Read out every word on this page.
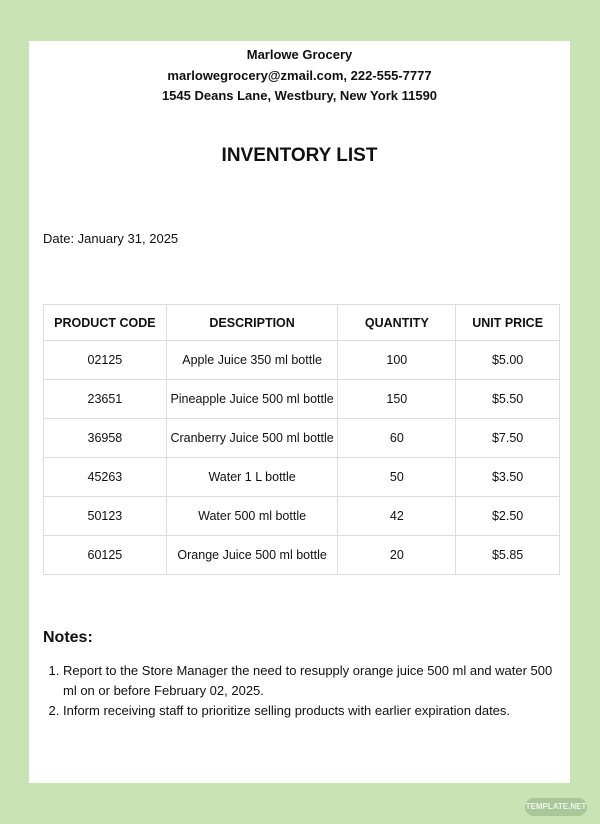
Marlowe Grocery
marlowegrocery@zmail.com, 222-555-7777
1545 Deans Lane, Westbury, New York 11590
INVENTORY LIST
Date: January 31, 2025
PRODUCT CODE	DESCRIPTION	QUANTITY	UNIT PRICE
02125	Apple Juice 350 ml bottle	100	$5.00
23651	Pineapple Juice 500 ml bottle	150	$5.50
36958	Cranberry Juice 500 ml bottle	60	$7.50
45263	Water 1 L bottle	50	$3.50
50123	Water 500 ml bottle	42	$2.50
60125	Orange Juice 500 ml bottle	20	$5.85
Notes:
1. Report to the Store Manager the need to resupply orange juice 500 ml and water 500 ml on or before February 02, 2025.
2. Inform receiving staff to prioritize selling products with earlier expiration dates.
TEMPLATE.NET
